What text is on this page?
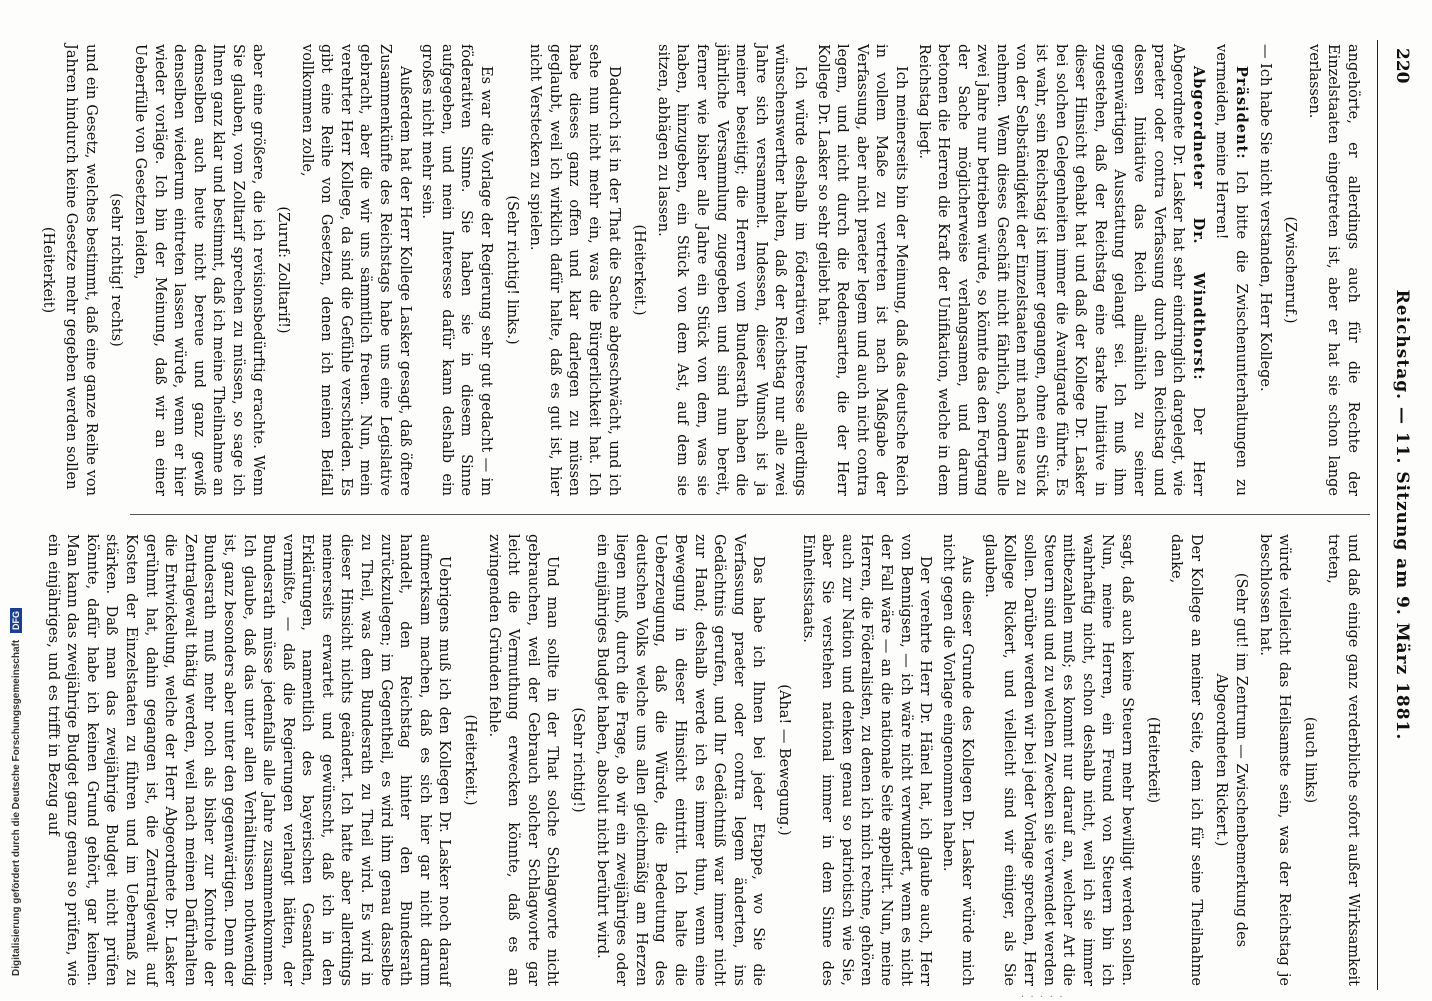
220
Reichstag. — 11. Sitzung am 9. März 1881.

angehörte, er allerdings auch für die Rechte der Einzelstaaten eingetreten ist, aber er hat sie schon lange verlassen.

(Zwischenruf.)

— Ich habe Sie nicht verstanden, Herr Kollege.

Präsident: Ich bitte die Zwischenunterhaltungen zu vermeiden, meine Herren!

Abgeordneter Dr. Windthorst: Der Herr Abgeordnete Dr. Lasker hat sehr eindringlich dargelegt, wie praeter oder contra Verfassung durch den Reichstag und dessen Initiative das Reich allmählich zu seiner gegenwärtigen Ausstattung gelangt sei. Ich muß ihm zugestehen, daß der Reichstag eine starke Initiative in dieser Hinsicht gehabt hat und daß der Kollege Dr. Lasker bei solchen Gelegenheiten immer die Avantgarde führte. Es ist wahr, sein Reichstag ist immer gegangen, ohne ein Stück von der Selbständigkeit der Einzelstaaten mit nach Hause zu nehmen. Wenn dieses Geschäft nicht fährlich, sondern alle zwei Jahre nur betrieben würde, so könnte das den Fortgang der Sache möglicherweise verlangsamen, und darum betonen die Herren die Kraft der Unifikation, welche in dem Reichstag liegt.

Ich meinerseits bin der Meinung, daß das deutsche Reich in vollem Maße zu vertreten ist nach Maßgabe der Verfassung, aber nicht praeter legem und auch nicht contra legem, und nicht durch die Redensarten, die der Herr Kollege Dr. Lasker so sehr geliebt hat.

Ich würde deshalb im föderativen Interesse allerdings wünschenswerther halten, daß der Reichstag nur alle zwei Jahre sich versammelt. Indessen, dieser Wunsch ist ja meiner beseitigt; die Herren vom Bundesrath haben die jährliche Versammlung zugegeben und sind nun bereit, ferner wie bisher alle Jahre ein Stück von dem, was sie haben, hinzugeben, ein Stück von dem Ast, auf dem sie sitzen, abhägen zu lassen.

(Heiterkeit.)

Dadurch ist in der That die Sache abgeschwächt, und ich sehe nun nicht mehr ein, was die Bürgerlichkeit hat. Ich habe dieses ganz offen und klar darlegen zu müssen geglaubt, weil ich wirklich dafür halte, daß es gut ist, hier nicht Verstecken zu spielen.

(Sehr richtig! links.)

Es war die Vorlage der Regierung sehr gut gedacht — im föderativen Sinne. Sie haben sie in diesem Sinne aufgegeben, und mein Interesse dafür kann deshalb ein großes nicht mehr sein.

Außerdem hat der Herr Kollege Lasker gesagt, daß öftere Zusammenkünfte des Reichstags habe uns eine Legislative gebracht, aber die wir uns sämmtlich freuen. Nun, mein verehrter Herr Kollege, da sind die Gefühle verschieden. Es gibt eine Reihe von Gesetzen, denen ich meinen Beifall vollkommen zolle,

(Zuruf: Zolltarif!)

aber eine größere, die ich revisionsbedürftig erachte. Wenn Sie glauben, vom Zolltarif sprechen zu müssen, so sage ich Ihnen ganz klar und bestimmt, daß ich meine Theilnahme an demselben auch heute nicht bereue und ganz gewiß denselben wiederum eintreten lassen würde, wenn er hier wieder vorläge. Ich bin der Meinung, daß wir an einer Ueberfülle von Gesetzen leiden,

(sehr richtig! rechts)

und ein Gesetz, welches bestimmt, daß eine ganze Reihe von Jahren hindurch keine Gesetze mehr gegeben werden sollen

(Heiterkeit)

und daß einige ganz verderbliche sofort außer Wirksamkeit treten,

(auch links)

würde vielleicht das Heilsamste sein, was der Reichstag je beschlossen hat.

(Sehr gut! im Zentrum — Zwischenbemerkung des Abgeordneten Rickert.)

Der Kollege an meiner Seite, dem ich für seine Theilnahme danke,

(Heiterkeit)

sagt, daß auch keine Steuern mehr bewilligt werden sollen. Nun, meine Herren, ein Freund von Steuern bin ich wahrhaftig nicht, schon deshalb nicht, weil ich sie immer mitbezahlen muß; es kommt nur darauf an, welcher Art die Steuern sind und zu welchen Zwecken sie verwendet werden sollen. Darüber werden wir bei jeder Vorlage sprechen, Herr Kollege Rickert, und vielleicht sind wir einiger, als Sie glauben.

Aus dieser Grunde des Kollegen Dr. Lasker würde mich nicht gegen die Vorlage eingenommen haben.

Der verehrte Herr Dr. Hänel hat, ich glaube auch, Herr von Bennigsen, — ich wäre nicht verwundert, wenn es nicht der Fall wäre — an die nationale Seite appellirt. Nun, meine Herren, die Föderalisten, zu denen ich mich rechne, gehören auch zur Nation und denken genau so patriotisch wie Sie, aber Sie verstehen national immer in dem Sinne des Einheitsstaats.

(Aha! — Bewegung.)

Das habe ich Ihnen bei jeder Etappe, wo Sie die Verfassung praeter oder contra legem änderten, ins Gedächtnis gerufen, und Ihr Gedächtniß war immer nicht zur Hand; deshalb werde ich es immer thun, wenn eine Bewegung in dieser Hinsicht eintritt. Ich halte die Ueberzeugung, daß die Würde, die Bedeutung des deutschen Volks welche uns allen gleichmäßig am Herzen liegen muß, durch die Frage, ob wir ein zweijähriges oder ein einjähriges Budget haben, absolut nicht berührt wird.

(Sehr richtig!)

Und man sollte in der That solche Schlagworte nicht gebrauchen, weil der Gebrauch solcher Schlagworte gar leicht die Vermuthung erwecken könnte, daß es an zwingenden Gründen fehle.

(Heiterkeit.)

Uebrigens muß ich den Kollegen Dr. Lasker noch darauf aufmerksam machen, daß es sich hier gar nicht darum handelt, den Reichstag hinter den Bundesrath zurückzulegen; im Gegentheil, es wird ihm genau dasselbe zu Theil, was dem Bundesrath zu Theil wird. Es wird in dieser Hinsicht nichts geändert. Ich hatte aber allerdings meinerseits erwartet und gewünscht, daß ich in den Erklärungen, namentlich des bayerischen Gesandten, vermißte, — daß die Regierungen verlangt hätten, der Bundesrath müsse jedenfalls alle Jahre zusammenkommen. Ich glaube, daß das unter allen Verhältnissen nothwendig ist, ganz besonders aber unter den gegenwärtigen. Denn der Bundesrath muß mehr noch als bisher zur Kontrole der Zentralgewalt thätig werden, weil nach meinen Dafürhalten die Entwickelung, welche der Herr Abgeordnete Dr. Lasker gerühmt hat, dahin gegangen ist, die Zentralgewalt auf Kosten der Einzelstaaten zu führen und im Uebermaß zu stärken. Daß man das zweijährige Budget nicht prüfen könnte, dafür habe ich keinen Grund gehört, gar keinen. Man kann das zweijährige Budget ganz genau so prüfen, wie ein einjähriges, und es trifft in Bezug auf

Digitalisierung gefördert durch die Deutsche Forschungsgemeinschaft DFG
· · · · ·
